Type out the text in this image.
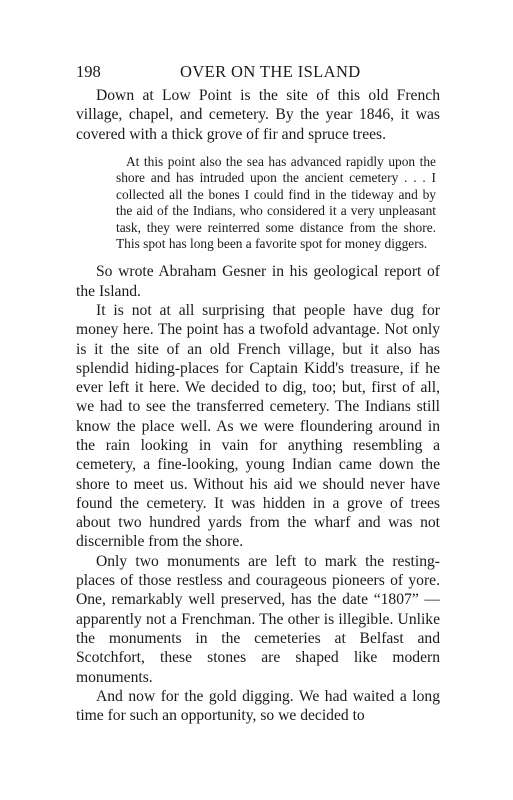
198	OVER ON THE ISLAND

Down at Low Point is the site of this old French village, chapel, and cemetery. By the year 1846, it was covered with a thick grove of fir and spruce trees.

At this point also the sea has advanced rapidly upon the shore and has intruded upon the ancient cemetery . . . I collected all the bones I could find in the tideway and by the aid of the Indians, who considered it a very unpleasant task, they were reinterred some distance from the shore. This spot has long been a favorite spot for money diggers.

So wrote Abraham Gesner in his geological report of the Island.

It is not at all surprising that people have dug for money here. The point has a twofold advantage. Not only is it the site of an old French village, but it also has splendid hiding-places for Captain Kidd's treasure, if he ever left it here. We decided to dig, too; but, first of all, we had to see the transferred cemetery. The Indians still know the place well. As we were floundering around in the rain looking in vain for anything resembling a cemetery, a fine-looking, young Indian came down the shore to meet us. Without his aid we should never have found the cemetery. It was hidden in a grove of trees about two hundred yards from the wharf and was not discernible from the shore.

Only two monuments are left to mark the resting-places of those restless and courageous pioneers of yore. One, remarkably well preserved, has the date “1807” —apparently not a Frenchman. The other is illegible. Unlike the monuments in the cemeteries at Belfast and Scotchfort, these stones are shaped like modern monuments.

And now for the gold digging. We had waited a long time for such an opportunity, so we decided to
